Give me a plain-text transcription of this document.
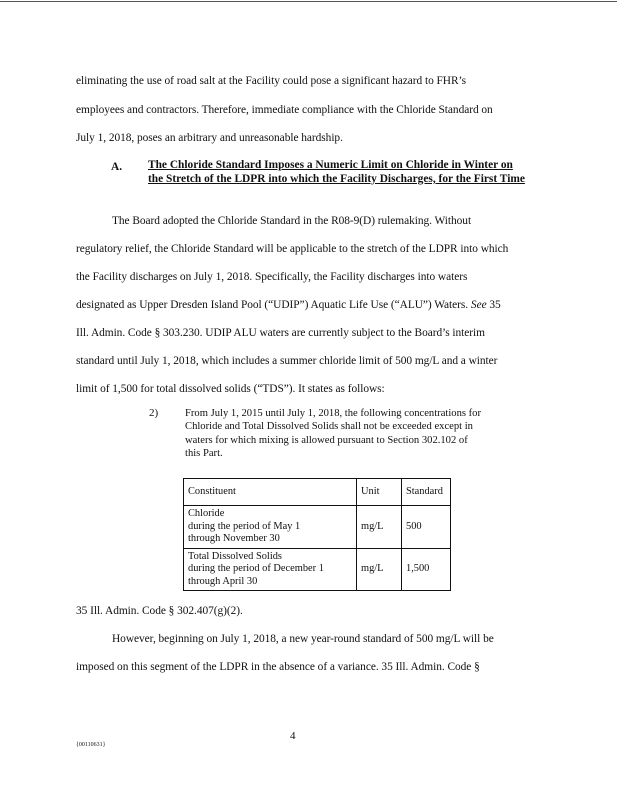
eliminating the use of road salt at the Facility could pose a significant hazard to FHR’s
employees and contractors. Therefore, immediate compliance with the Chloride Standard on
July 1, 2018, poses an arbitrary and unreasonable hardship.
A. The Chloride Standard Imposes a Numeric Limit on Chloride in Winter on the Stretch of the LDPR into which the Facility Discharges, for the First Time
The Board adopted the Chloride Standard in the R08-9(D) rulemaking. Without
regulatory relief, the Chloride Standard will be applicable to the stretch of the LDPR into which
the Facility discharges on July 1, 2018. Specifically, the Facility discharges into waters
designated as Upper Dresden Island Pool (“UDIP”) Aquatic Life Use (“ALU”) Waters. See 35
Ill. Admin. Code § 303.230. UDIP ALU waters are currently subject to the Board’s interim
standard until July 1, 2018, which includes a summer chloride limit of 500 mg/L and a winter
limit of 1,500 for total dissolved solids (“TDS”). It states as follows:
2)	From July 1, 2015 until July 1, 2018, the following concentrations for Chloride and Total Dissolved Solids shall not be exceeded except in waters for which mixing is allowed pursuant to Section 302.102 of this Part.
Constituent	Unit	Standard

Chloride
during the period of May 1
through November 30	mg/L	500

Total Dissolved Solids
during the period of December 1
through April 30	mg/L	1,500
35 Ill. Admin. Code § 302.407(g)(2).
However, beginning on July 1, 2018, a new year-round standard of 500 mg/L will be
imposed on this segment of the LDPR in the absence of a variance. 35 Ill. Admin. Code §
4
{00110631}
